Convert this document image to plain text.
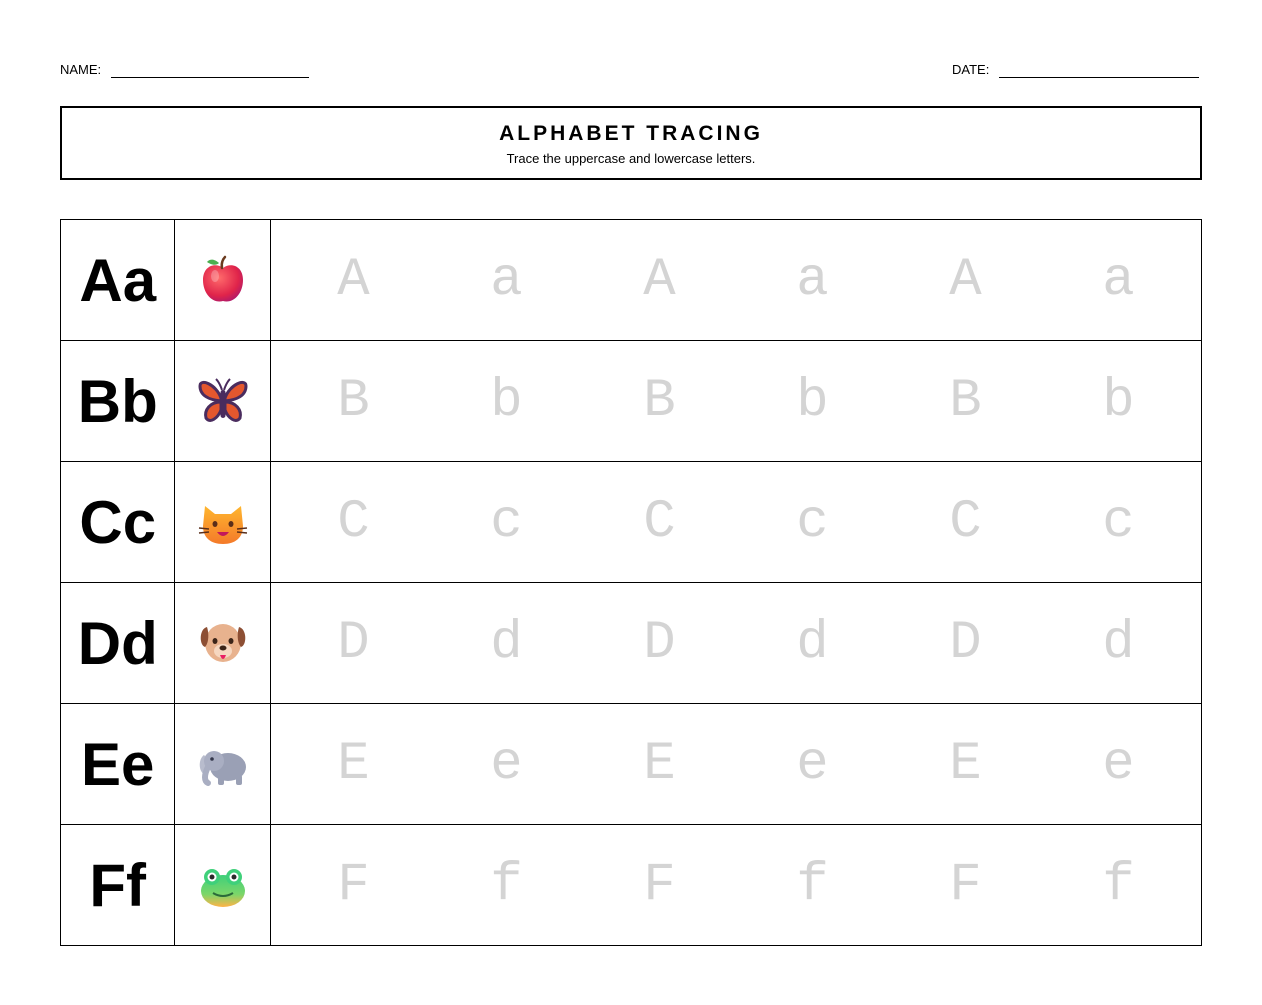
NAME:	DATE:
ALPHABET TRACING
Trace the uppercase and lowercase letters.
Aa	A	a	A	a	A	a
Bb	B	b	B	b	B	b
Cc	C	c	C	c	C	c
Dd	D	d	D	d	D	d
Ee	E	e	E	e	E	e
Ff	F	f	F	f	F	f
